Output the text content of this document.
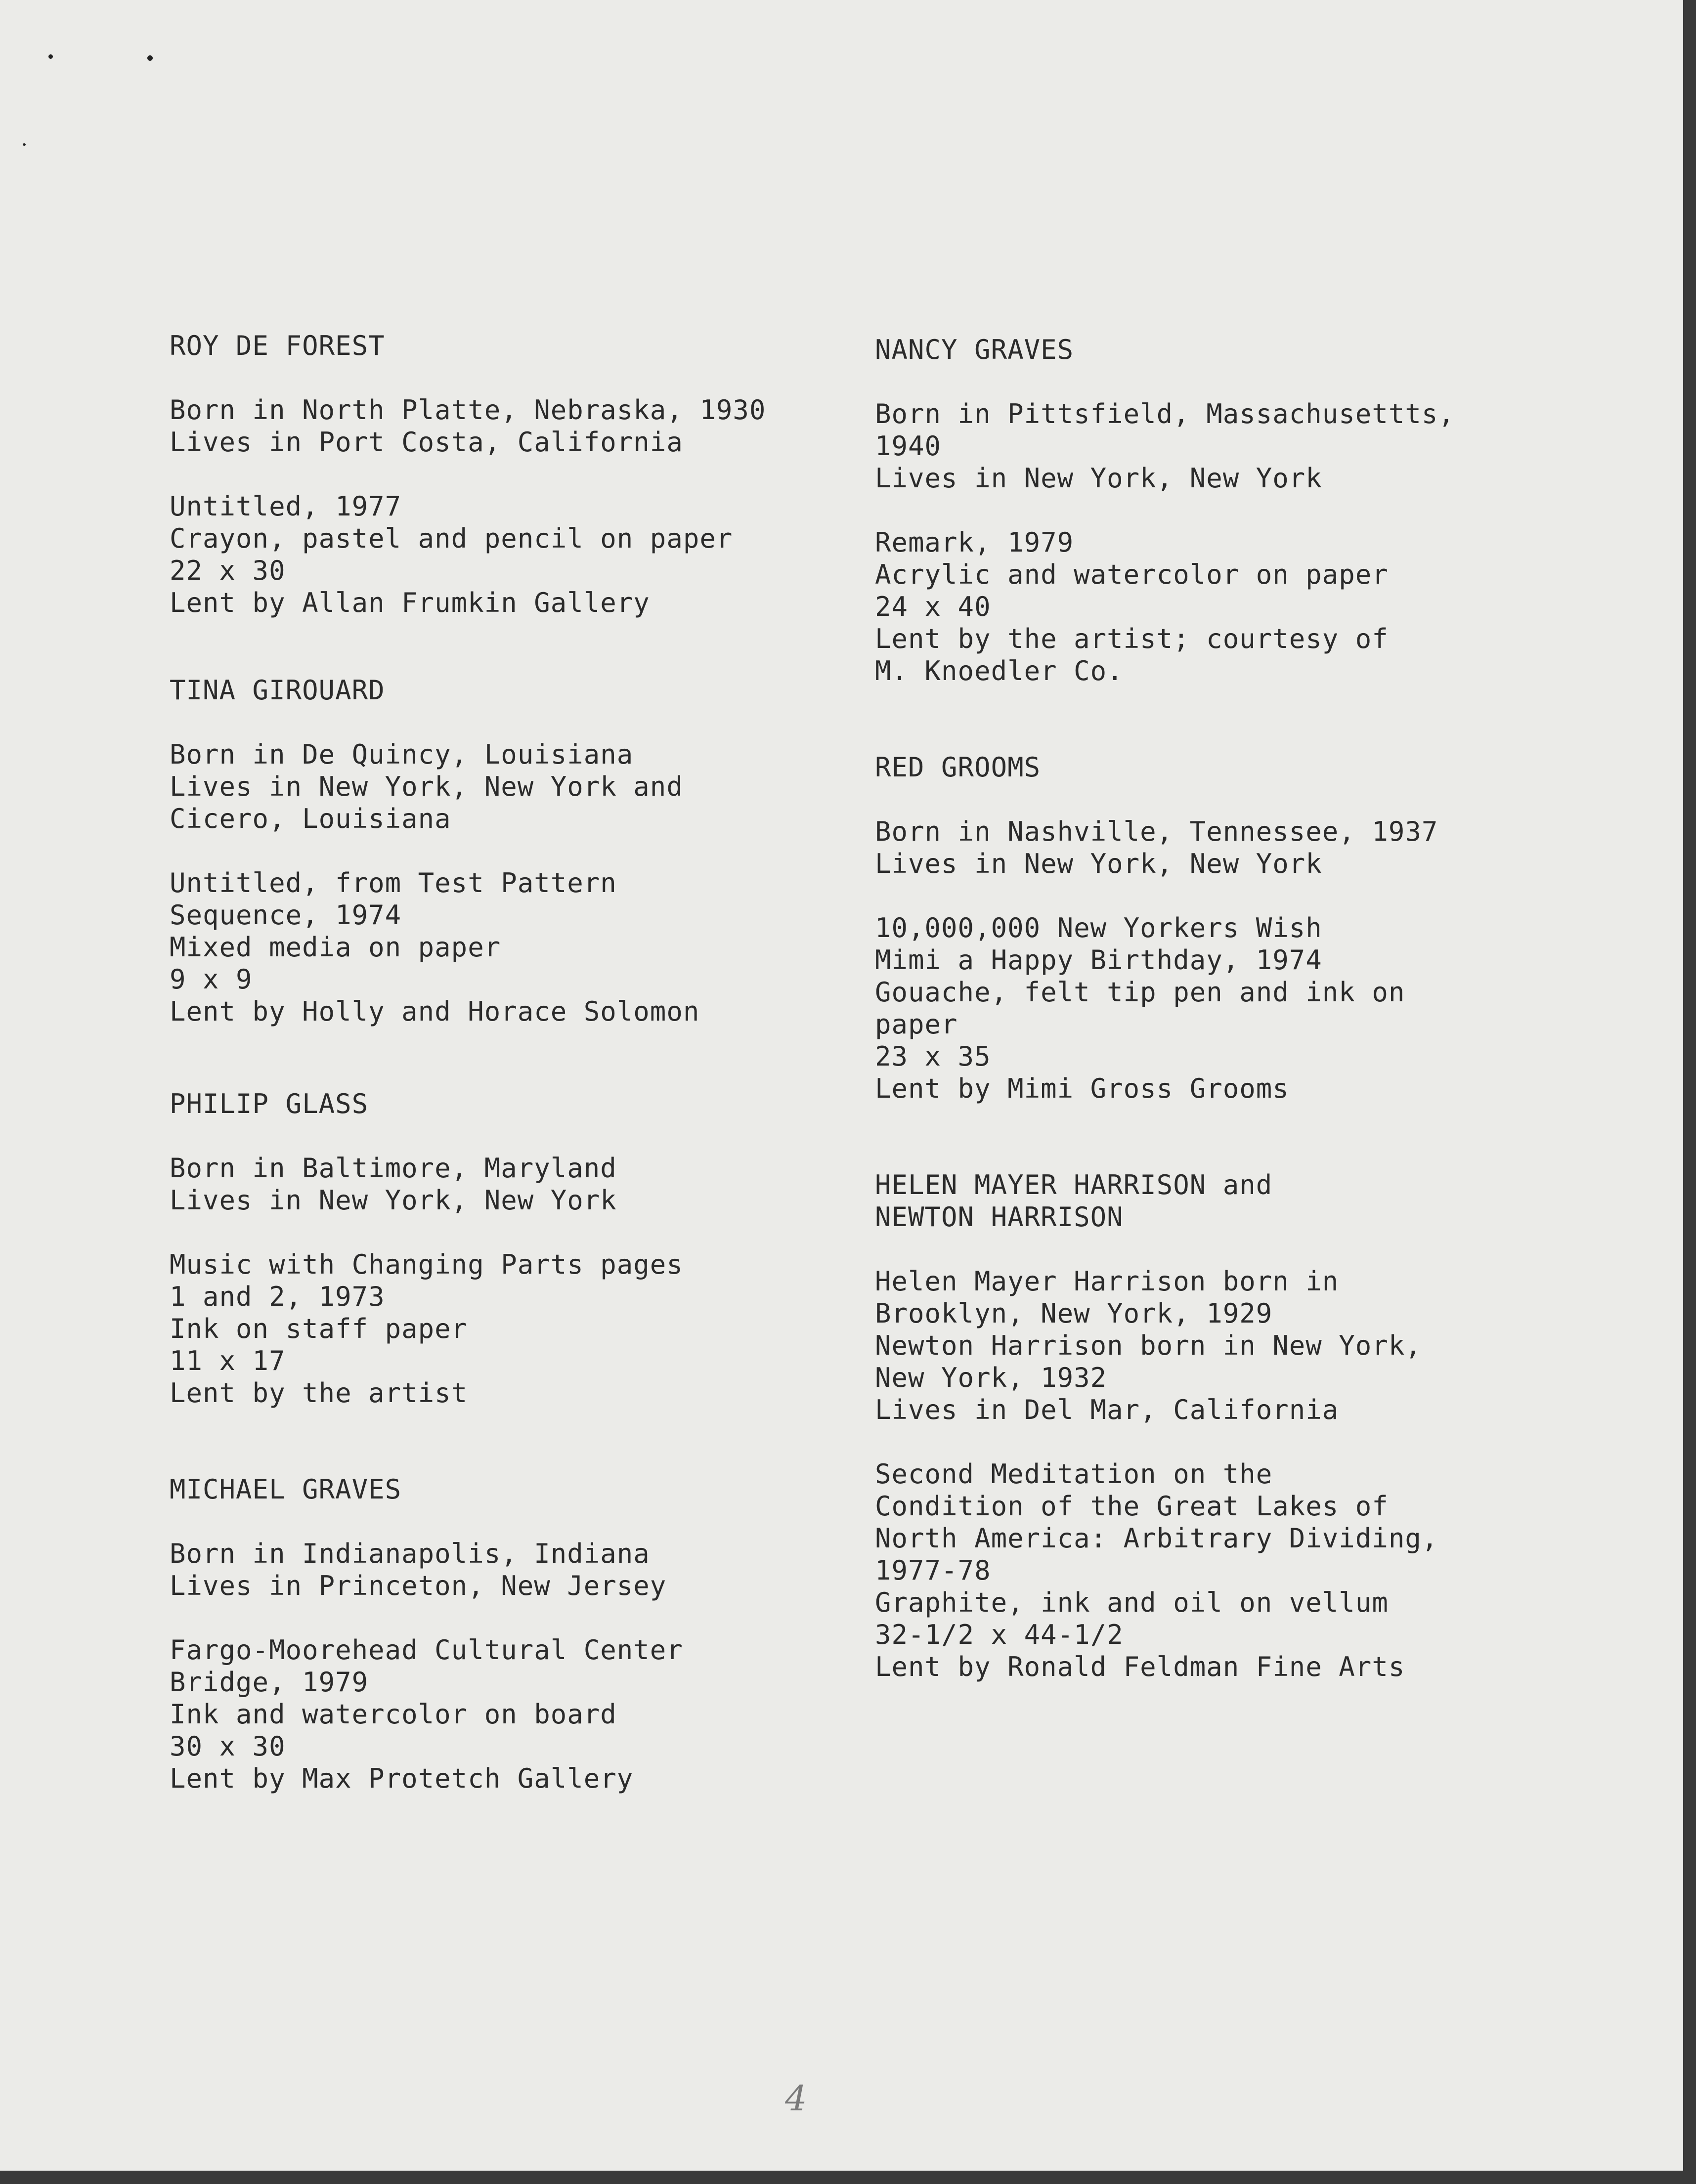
ROY DE FOREST
Born in North Platte, Nebraska, 1930
Lives in Port Costa, California
Untitled, 1977
Crayon, pastel and pencil on paper
22 x 30
Lent by Allan Frumkin Gallery
TINA GIROUARD
Born in De Quincy, Louisiana
Lives in New York, New York and
Cicero, Louisiana
Untitled, from Test Pattern
Sequence, 1974
Mixed media on paper
9 x 9
Lent by Holly and Horace Solomon
PHILIP GLASS
Born in Baltimore, Maryland
Lives in New York, New York
Music with Changing Parts pages
1 and 2, 1973
Ink on staff paper
11 x 17
Lent by the artist
MICHAEL GRAVES
Born in Indianapolis, Indiana
Lives in Princeton, New Jersey
Fargo-Moorehead Cultural Center
Bridge, 1979
Ink and watercolor on board
30 x 30
Lent by Max Protetch Gallery
NANCY GRAVES
Born in Pittsfield, Massachusettts,
1940
Lives in New York, New York
Remark, 1979
Acrylic and watercolor on paper
24 x 40
Lent by the artist; courtesy of
M. Knoedler Co.
RED GROOMS
Born in Nashville, Tennessee, 1937
Lives in New York, New York
10,000,000 New Yorkers Wish
Mimi a Happy Birthday, 1974
Gouache, felt tip pen and ink on
paper
23 x 35
Lent by Mimi Gross Grooms
HELEN MAYER HARRISON and
NEWTON HARRISON
Helen Mayer Harrison born in
Brooklyn, New York, 1929
Newton Harrison born in New York,
New York, 1932
Lives in Del Mar, California
Second Meditation on the
Condition of the Great Lakes of
North America: Arbitrary Dividing,
1977-78
Graphite, ink and oil on vellum
32-1/2 x 44-1/2
Lent by Ronald Feldman Fine Arts
4
